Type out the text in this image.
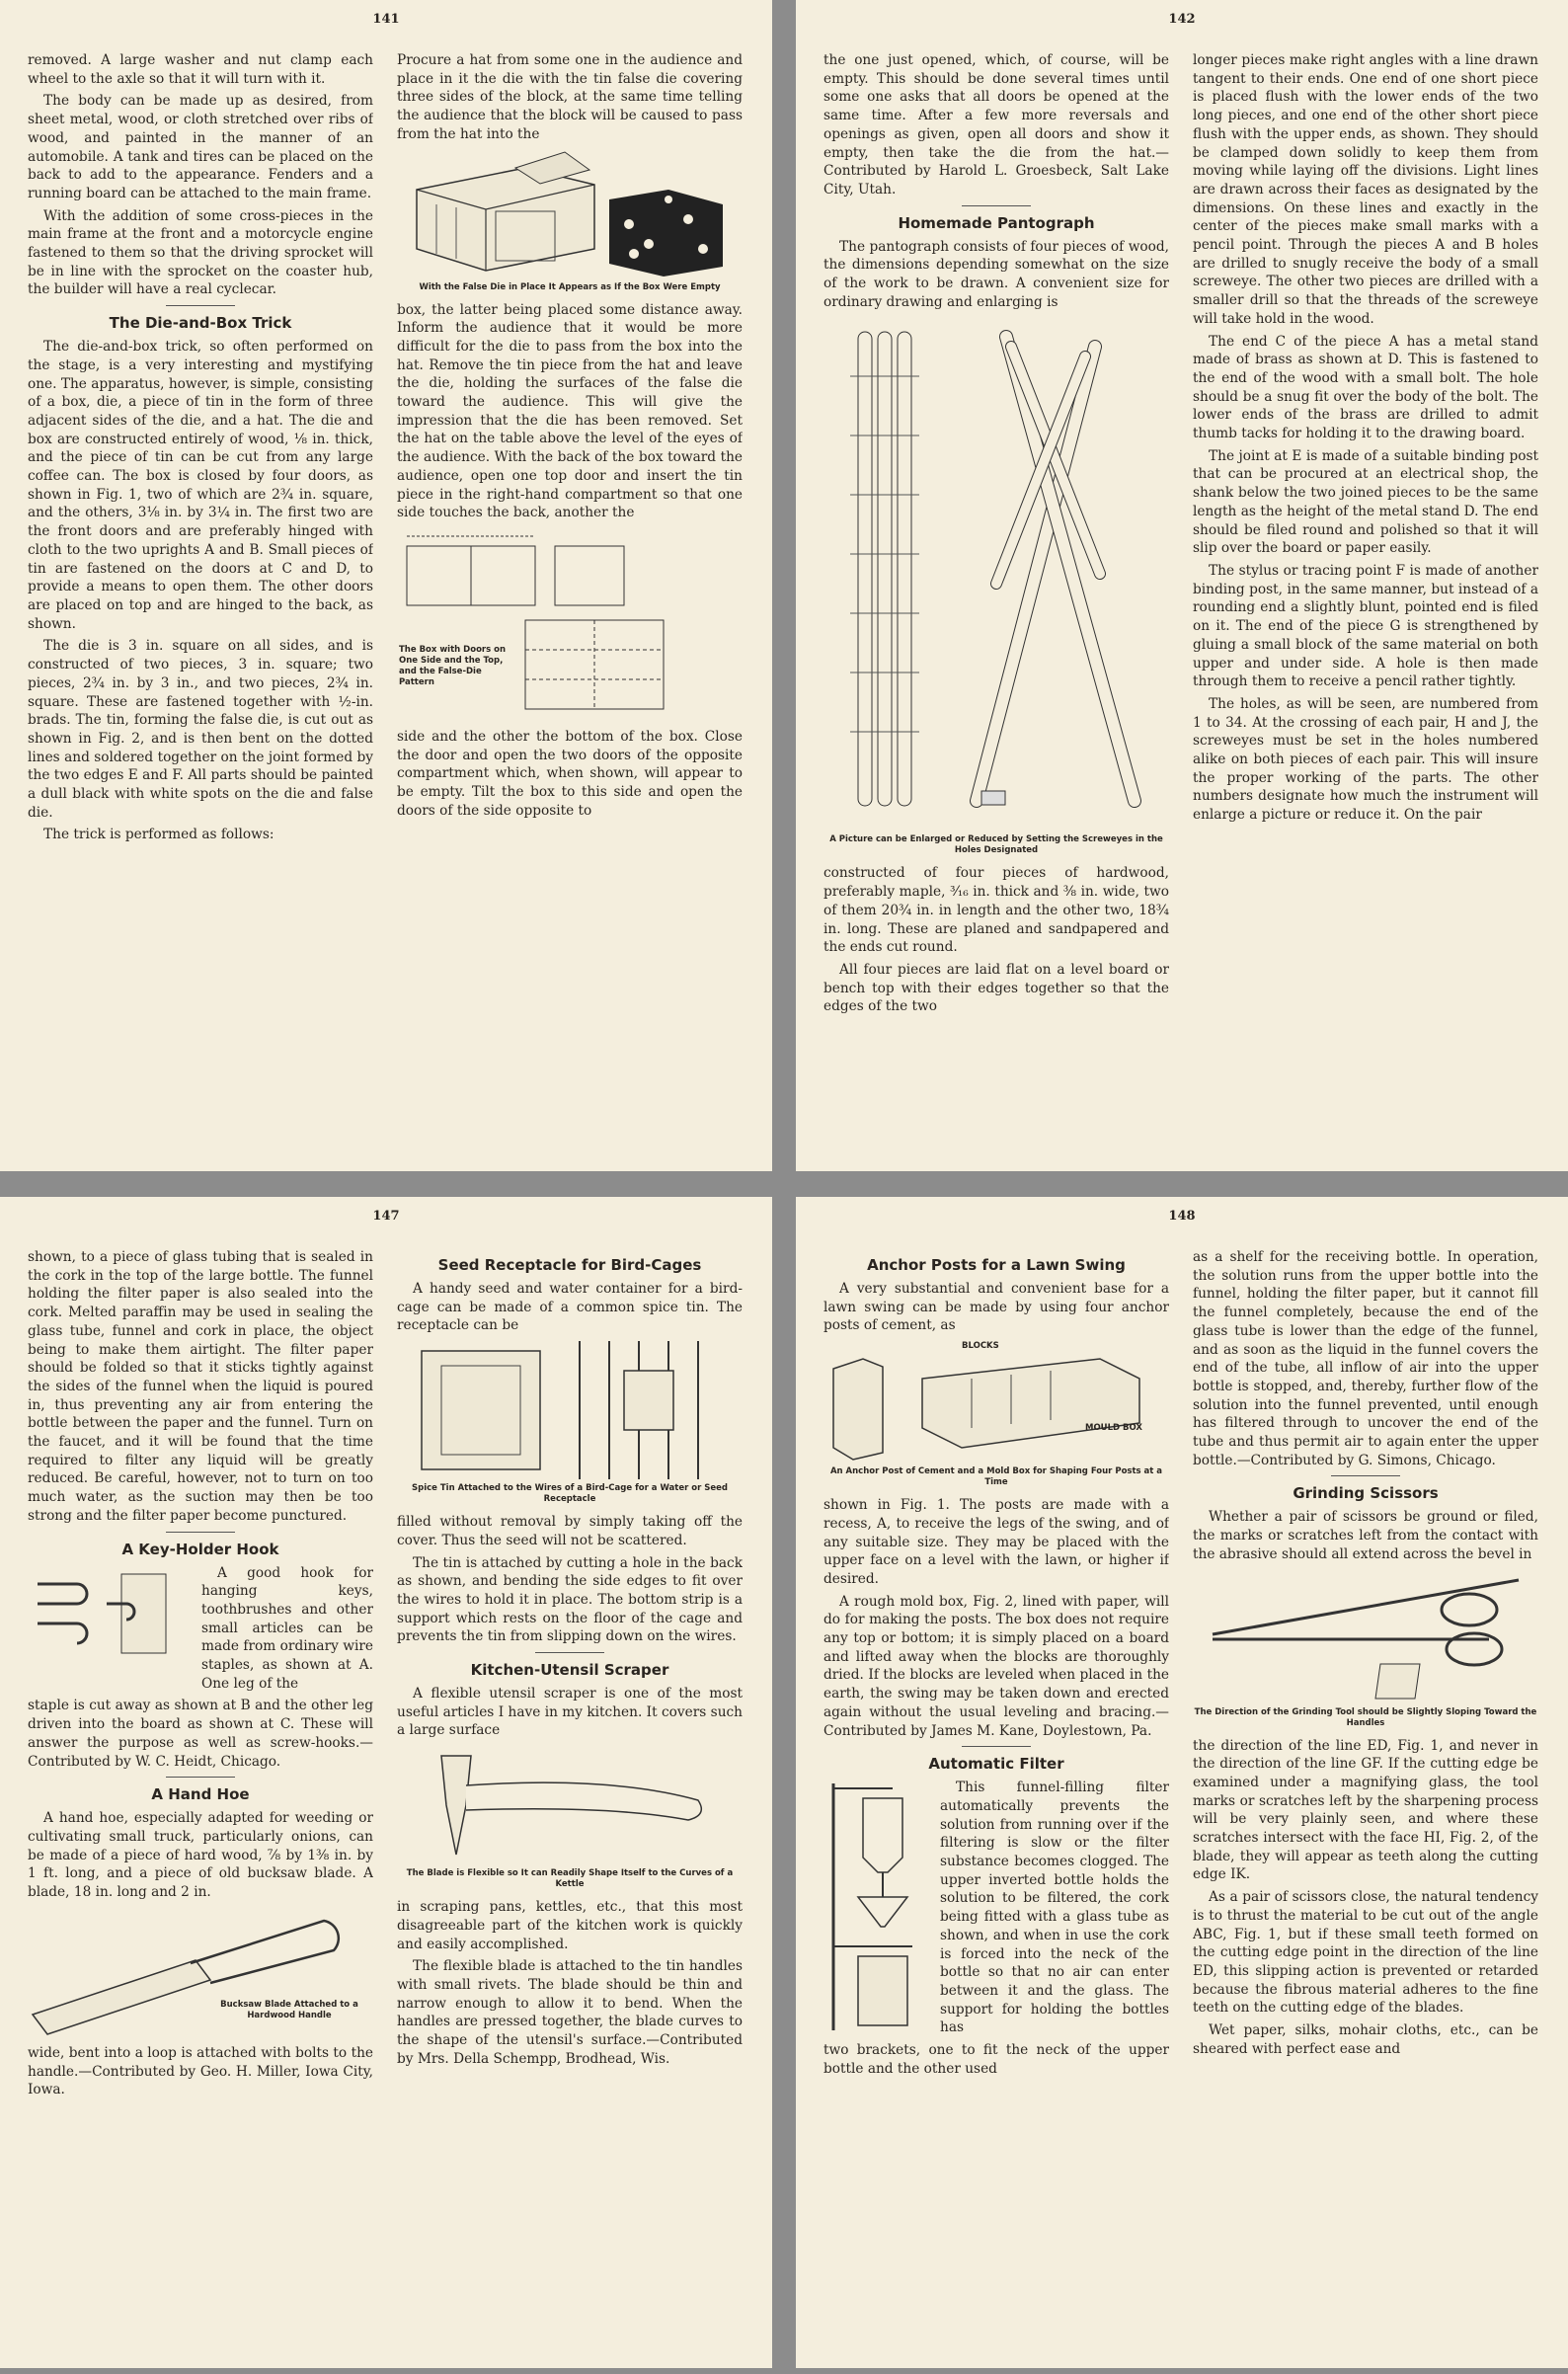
141

removed. A large washer and nut clamp each wheel to the axle so that it will turn with it.

The body can be made up as desired, from sheet metal, wood, or cloth stretched over ribs of wood, and painted in the manner of an automobile. A tank and tires can be placed on the back to add to the appearance. Fenders and a running board can be attached to the main frame.

With the addition of some cross-pieces in the main frame at the front and a motorcycle engine fastened to them so that the driving sprocket will be in line with the sprocket on the coaster hub, the builder will have a real cyclecar.

The Die-and-Box Trick

The die-and-box trick, so often performed on the stage, is a very interesting and mystifying one. The apparatus, however, is simple, consisting of a box, die, a piece of tin in the form of three adjacent sides of the die, and a hat. The die and box are constructed entirely of wood, ⅛ in. thick, and the piece of tin can be cut from any large coffee can. The box is closed by four doors, as shown in Fig. 1, two of which are 2¾ in. square, and the others, 3⅛ in. by 3¼ in. The first two are the front doors and are preferably hinged with cloth to the two uprights A and B. Small pieces of tin are fastened on the doors at C and D, to provide a means to open them. The other doors are placed on top and are hinged to the back, as shown.

The die is 3 in. square on all sides, and is constructed of two pieces, 3 in. square; two pieces, 2¾ in. by 3 in., and two pieces, 2¾ in. square. These are fastened together with ½-in. brads. The tin, forming the false die, is cut out as shown in Fig. 2, and is then bent on the dotted lines and soldered together on the joint formed by the two edges E and F. All parts should be painted a dull black with white spots on the die and false die.

The trick is performed as follows:

Procure a hat from some one in the audience and place in it the die with the tin false die covering three sides of the block, at the same time telling the audience that the block will be caused to pass from the hat into the

With the False Die in Place It Appears as If the Box Were Empty

box, the latter being placed some distance away. Inform the audience that it would be more difficult for the die to pass from the box into the hat. Remove the tin piece from the hat and leave the die, holding the surfaces of the false die toward the audience. This will give the impression that the die has been removed. Set the hat on the table above the level of the eyes of the audience. With the back of the box toward the audience, open one top door and insert the tin piece in the right-hand compartment so that one side touches the back, another the

The Box with Doors on One Side and the Top, and the False-Die Pattern

side and the other the bottom of the box. Close the door and open the two doors of the opposite compartment which, when shown, will appear to be empty. Tilt the box to this side and open the doors of the side opposite to

142

the one just opened, which, of course, will be empty. This should be done several times until some one asks that all doors be opened at the same time. After a few more reversals and openings as given, open all doors and show it empty, then take the die from the hat.—Contributed by Harold L. Groesbeck, Salt Lake City, Utah.

Homemade Pantograph

The pantograph consists of four pieces of wood, the dimensions depending somewhat on the size of the work to be drawn. A convenient size for ordinary drawing and enlarging is

A Picture can be Enlarged or Reduced by Setting the Screweyes in the Holes Designated

constructed of four pieces of hardwood, preferably maple, ³⁄₁₆ in. thick and ⅜ in. wide, two of them 20¾ in. in length and the other two, 18¾ in. long. These are planed and sandpapered and the ends cut round.

All four pieces are laid flat on a level board or bench top with their edges together so that the edges of the two

longer pieces make right angles with a line drawn tangent to their ends. One end of one short piece is placed flush with the lower ends of the two long pieces, and one end of the other short piece flush with the upper ends, as shown. They should be clamped down solidly to keep them from moving while laying off the divisions. Light lines are drawn across their faces as designated by the dimensions. On these lines and exactly in the center of the pieces make small marks with a pencil point. Through the pieces A and B holes are drilled to snugly receive the body of a small screweye. The other two pieces are drilled with a smaller drill so that the threads of the screweye will take hold in the wood.

The end C of the piece A has a metal stand made of brass as shown at D. This is fastened to the end of the wood with a small bolt. The hole should be a snug fit over the body of the bolt. The lower ends of the brass are drilled to admit thumb tacks for holding it to the drawing board.

The joint at E is made of a suitable binding post that can be procured at an electrical shop, the shank below the two joined pieces to be the same length as the height of the metal stand D. The end should be filed round and polished so that it will slip over the board or paper easily.

The stylus or tracing point F is made of another binding post, in the same manner, but instead of a rounding end a slightly blunt, pointed end is filed on it. The end of the piece G is strengthened by gluing a small block of the same material on both upper and under side. A hole is then made through them to receive a pencil rather tightly.

The holes, as will be seen, are numbered from 1 to 34. At the crossing of each pair, H and J, the screweyes must be set in the holes numbered alike on both pieces of each pair. This will insure the proper working of the parts. The other numbers designate how much the instrument will enlarge a picture or reduce it. On the pair

147

shown, to a piece of glass tubing that is sealed in the cork in the top of the large bottle. The funnel holding the filter paper is also sealed into the cork. Melted paraffin may be used in sealing the glass tube, funnel and cork in place, the object being to make them airtight. The filter paper should be folded so that it sticks tightly against the sides of the funnel when the liquid is poured in, thus preventing any air from entering the bottle between the paper and the funnel. Turn on the faucet, and it will be found that the time required to filter any liquid will be greatly reduced. Be careful, however, not to turn on too much water, as the suction may then be too strong and the filter paper become punctured.

A Key-Holder Hook

A good hook for hanging keys, toothbrushes and other small articles can be made from ordinary wire staples, as shown at A. One leg of the

staple is cut away as shown at B and the other leg driven into the board as shown at C. These will answer the purpose as well as screw-hooks.—Contributed by W. C. Heidt, Chicago.

A Hand Hoe

A hand hoe, especially adapted for weeding or cultivating small truck, particularly onions, can be made of a piece of hard wood, ⅞ by 1⅜ in. by 1 ft. long, and a piece of old bucksaw blade. A blade, 18 in. long and 2 in.

Bucksaw Blade Attached to a Hardwood Handle

wide, bent into a loop is attached with bolts to the handle.—Contributed by Geo. H. Miller, Iowa City, Iowa.

Seed Receptacle for Bird-Cages

A handy seed and water container for a bird-cage can be made of a common spice tin. The receptacle can be

Spice Tin Attached to the Wires of a Bird-Cage for a Water or Seed Receptacle

filled without removal by simply taking off the cover. Thus the seed will not be scattered.

The tin is attached by cutting a hole in the back as shown, and bending the side edges to fit over the wires to hold it in place. The bottom strip is a support which rests on the floor of the cage and prevents the tin from slipping down on the wires.

Kitchen-Utensil Scraper

A flexible utensil scraper is one of the most useful articles I have in my kitchen. It covers such a large surface

The Blade is Flexible so It can Readily Shape Itself to the Curves of a Kettle

in scraping pans, kettles, etc., that this most disagreeable part of the kitchen work is quickly and easily accomplished.

The flexible blade is attached to the tin handles with small rivets. The blade should be thin and narrow enough to allow it to bend. When the handles are pressed together, the blade curves to the shape of the utensil's surface.—Contributed by Mrs. Della Schempp, Brodhead, Wis.

148
Anchor Posts for a Lawn Swing

A very substantial and convenient base for a lawn swing can be made by using four anchor posts of cement, as

BLOCKS
MOULD BOX
An Anchor Post of Cement and a Mold Box for Shaping Four Posts at a Time

shown in Fig. 1. The posts are made with a recess, A, to receive the legs of the swing, and of any suitable size. They may be placed with the upper face on a level with the lawn, or higher if desired.

A rough mold box, Fig. 2, lined with paper, will do for making the posts. The box does not require any top or bottom; it is simply placed on a board and lifted away when the blocks are thoroughly dried. If the blocks are leveled when placed in the earth, the swing may be taken down and erected again without the usual leveling and bracing.—Contributed by James M. Kane, Doylestown, Pa.

Automatic Filter

This funnel-filling filter automatically prevents the solution from running over if the filtering is slow or the filter substance becomes clogged. The upper inverted bottle holds the solution to be filtered, the cork being fitted with a glass tube as shown, and when in use the cork is forced into the neck of the bottle so that no air can enter between it and the glass. The support for holding the bottles has

two brackets, one to fit the neck of the upper bottle and the other used

as a shelf for the receiving bottle. In operation, the solution runs from the upper bottle into the funnel, holding the filter paper, but it cannot fill the funnel completely, because the end of the glass tube is lower than the edge of the funnel, and as soon as the liquid in the funnel covers the end of the tube, all inflow of air into the upper bottle is stopped, and, thereby, further flow of the solution into the funnel prevented, until enough has filtered through to uncover the end of the tube and thus permit air to again enter the upper bottle.—Contributed by G. Simons, Chicago.

Grinding Scissors

Whether a pair of scissors be ground or filed, the marks or scratches left from the contact with the abrasive should all extend across the bevel in

The Direction of the Grinding Tool should be Slightly Sloping Toward the Handles

the direction of the line ED, Fig. 1, and never in the direction of the line GF. If the cutting edge be examined under a magnifying glass, the tool marks or scratches left by the sharpening process will be very plainly seen, and where these scratches intersect with the face HI, Fig. 2, of the blade, they will appear as teeth along the cutting edge IK.

As a pair of scissors close, the natural tendency is to thrust the material to be cut out of the angle ABC, Fig. 1, but if these small teeth formed on the cutting edge point in the direction of the line ED, this slipping action is prevented or retarded because the fibrous material adheres to the fine teeth on the cutting edge of the blades.

Wet paper, silks, mohair cloths, etc., can be sheared with perfect ease and
